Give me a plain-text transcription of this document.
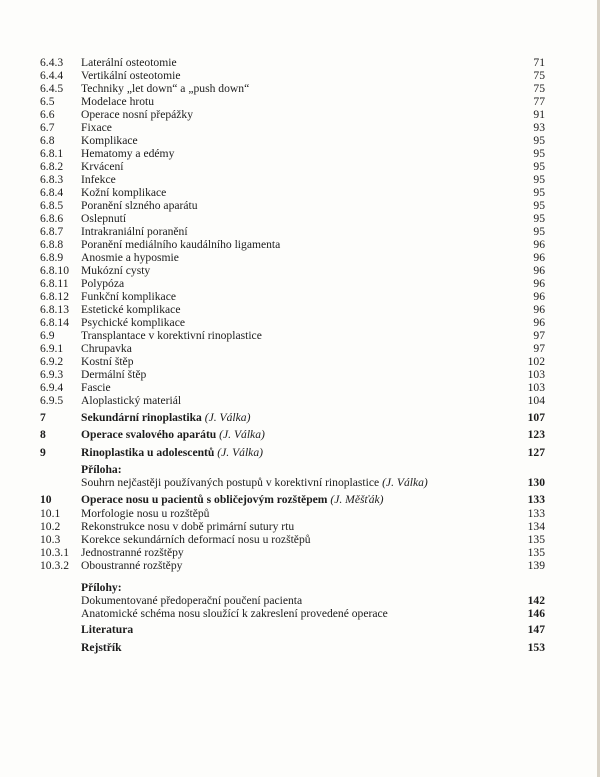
6.4.3 Laterální osteotomie	71
6.4.4 Vertikální osteotomie	75
6.4.5 Techniky „let down“ a „push down“	75
6.5 Modelace hrotu	77
6.6 Operace nosní přepážky	91
6.7 Fixace	93
6.8 Komplikace	95
6.8.1 Hematomy a edémy	95
6.8.2 Krvácení	95
6.8.3 Infekce	95
6.8.4 Kožní komplikace	95
6.8.5 Poranění slzného aparátu	95
6.8.6 Oslepnutí	95
6.8.7 Intrakraniální poranění	95
6.8.8 Poranění mediálního kaudálního ligamenta	96
6.8.9 Anosmie a hyposmie	96
6.8.10 Mukózní cysty	96
6.8.11 Polypóza	96
6.8.12 Funkční komplikace	96
6.8.13 Estetické komplikace	96
6.8.14 Psychické komplikace	96
6.9 Transplantace v korektivní rinoplastice	97
6.9.1 Chrupavka	97
6.9.2 Kostní štěp	102
6.9.3 Dermální štěp	103
6.9.4 Fascie	103
6.9.5 Aloplastický materiál	104
7	Sekundární rinoplastika (J. Válka)	107
8	Operace svalového aparátu (J. Válka)	123
9	Rinoplastika u adolescentů (J. Válka)	127
Příloha:
Souhrn nejčastěji používaných postupů v korektivní rinoplastice (J. Válka)	130
10	Operace nosu u pacientů s obličejovým rozštěpem (J. Měšťák)	133
10.1 Morfologie nosu u rozštěpů	133
10.2 Rekonstrukce nosu v době primární sutury rtu	134
10.3 Korekce sekundárních deformací nosu u rozštěpů	135
10.3.1 Jednostranné rozštěpy	135
10.3.2 Oboustranné rozštěpy	139
Přílohy:
Dokumentované předoperační poučení pacienta	142
Anatomické schéma nosu sloužící k zakreslení provedené operace	146
Literatura	147
Rejstřík	153
